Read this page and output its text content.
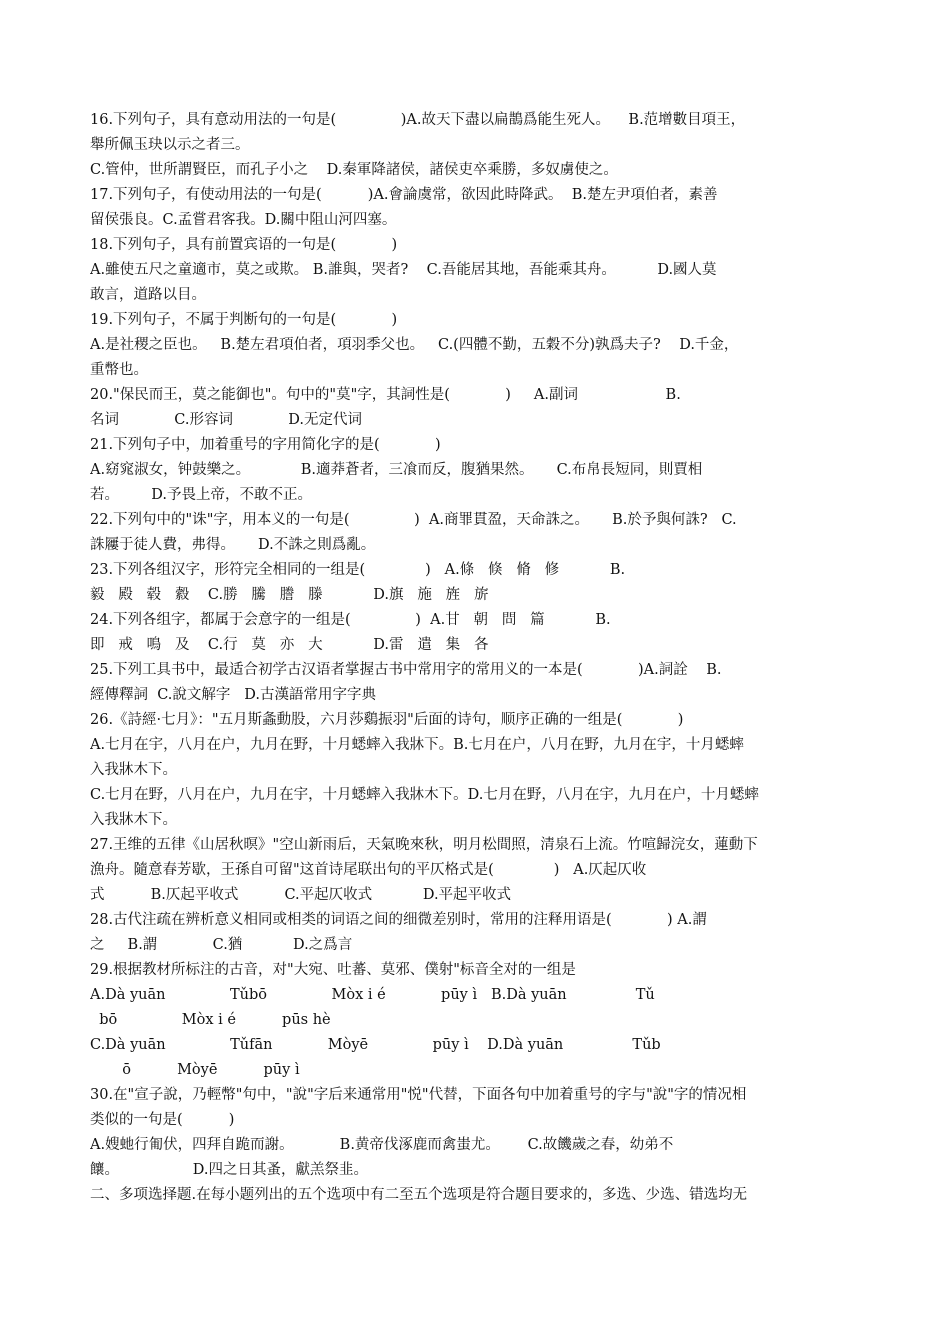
16.下列句子，具有意动用法的一句是(              )A.故天下盡以扁鵲爲能生死人。    B.范增數目項王，
舉所佩玉玦以示之者三。
C.管仲，世所謂賢臣，而孔子小之    D.秦軍降諸侯，諸侯吏卒乘勝，多奴虜使之。
17.下列句子，有使动用法的一句是(          )A.會論虞常，欲因此時降武。  B.楚左尹項伯者，素善
留侯張良。C.孟嘗君客我。D.關中阻山河四塞。
18.下列句子，具有前置宾语的一句是(            )
A.雖使五尺之童適市，莫之或欺。 B.誰與，哭者?    C.吾能居其地，吾能乘其舟。         D.國人莫
敢言，道路以目。
19.下列句子，不属于判断句的一句是(            )
A.是社稷之臣也。   B.楚左君項伯者，項羽季父也。   C.(四體不勤，五穀不分)孰爲夫子?    D.千金，
重幣也。
20."保民而王，莫之能御也"。句中的"莫"字，其詞性是(            )     A.副词                   B.
名词            C.形容词            D.无定代词
21.下列句子中，加着重号的字用简化字的是(            )
A.窈窕淑女，钟鼓樂之。           B.適莽蒼者，三飡而反，腹猶果然。     C.布帛長短同，則賈相
若。       D.予畏上帝，不敢不正。
22.下列句中的"诛"字，用本义的一句是(              )  A.商罪貫盈，天命誅之。     B.於予與何誅?   C.
誅屨于徒人費，弗得。     D.不誅之則爲亂。
23.下列各组汉字，形符完全相同的一组是(             )   A.條   倏   脩   修           B.
毅   殿   毂   縠    C.勝   騰   謄   滕           D.旗   施   旌   旂
24.下列各组字，都属于会意字的一组是(              )  A.甘   朝   問   篇           B.
即   戒   鳴   及    C.行   莫   亦   大           D.雷   遣   集   各
25.下列工具书中，最适合初学古汉语者掌握古书中常用字的常用义的一本是(            )A.詞詮    B.
經傳釋詞  C.說文解字   D.古漢語常用字字典
26.《詩經·七月》："五月斯螽動股，六月莎鷄振羽"后面的诗句，顺序正确的一组是(            )
A.七月在宇，八月在户，九月在野，十月蟋蟀入我牀下。B.七月在户，八月在野，九月在宇，十月蟋蟀
入我牀木下。
C.七月在野，八月在户，九月在宇，十月蟋蟀入我牀木下。D.七月在野，八月在宇，九月在户，十月蟋蟀
入我牀木下。
27.王维的五律《山居秋暝》"空山新雨后，天氣晚來秋，明月松間照，清泉石上流。竹喧歸浣女，蓮動下
漁舟。隨意春芳歇，王孫自可留"这首诗尾联出句的平仄格式是(             )   A.仄起仄收
式          B.仄起平收式          C.平起仄收式           D.平起平收式
28.古代注疏在辨析意义相同或相类的词语之间的细微差别时，常用的注释用语是(            ) A.謂
之     B.謂            C.猶           D.之爲言
29.根据教材所标注的古音，对"大宛、吐蕃、莫邪、僕射"标音全对的一组是
A.Dà yuān              Tǔbō              Mòx i é            pūy ì   B.Dà yuān               Tǔ
bō              Mòx i é          pūs hè
C.Dà yuān              Tǔfān            Mòyē              pūy ì    D.Dà yuān               Tǔb
ō          Mòyē          pūy ì
30.在"宣子說，乃輕幣"句中，"說"字后来通常用"悦"代替，下面各句中加着重号的字与"說"字的情况相
类似的一句是(          )
A.嫂虵行匍伏，四拜自跪而謝。          B.黄帝伐涿鹿而禽蚩尤。      C.故饑歲之春，幼弟不
饟。                D.四之日其蚤，獻羔祭韭。
二、多项选择题.在每小题列出的五个选项中有二至五个选项是符合题目要求的，多选、少选、错选均无
